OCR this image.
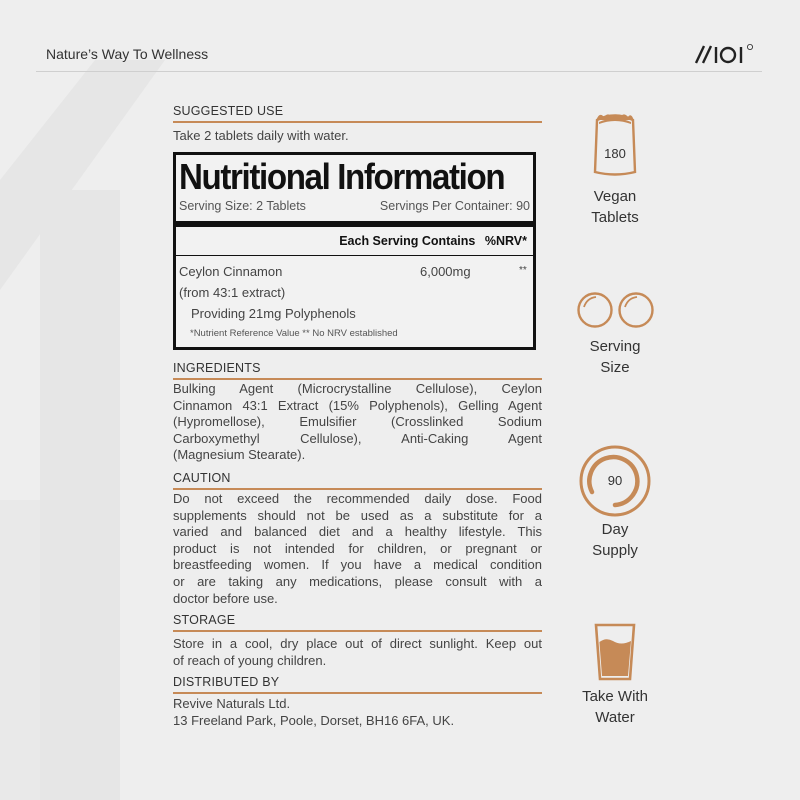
Nature’s Way To Wellness
SUGGESTED USE
Take 2 tablets daily with water.
Nutritional Information
Serving Size: 2 Tablets	Servings Per Container: 90
Each Serving Contains %NRV*
Ceylon Cinnamon	6,000mg	**
(from 43:1 extract)
Providing 21mg Polyphenols
*Nutrient Reference Value ** No NRV established
INGREDIENTS

Bulking Agent (Microcrystalline Cellulose), Ceylon

Cinnamon 43:1 Extract (15% Polyphenols), Gelling Agent

(Hypromellose), Emulsifier (Crosslinked Sodium

Carboxymethyl Cellulose), Anti-Caking Agent

(Magnesium Stearate).

CAUTION

Do not exceed the recommended daily dose. Food

supplements should not be used as a substitute for a

varied and balanced diet and a healthy lifestyle. This

product is not intended for children, or pregnant or

breastfeeding women. If you have a medical condition

or are taking any medications, please consult with a

doctor before use.

STORAGE

Store in a cool, dry place out of direct sunlight. Keep out

of reach of young children.

DISTRIBUTED BY

Revive Naturals Ltd.

13 Freeland Park, Poole, Dorset, BH16 6FA, UK.

180
Vegan
Tablets
Serving
Size
90
Day
Supply
Take With
Water
